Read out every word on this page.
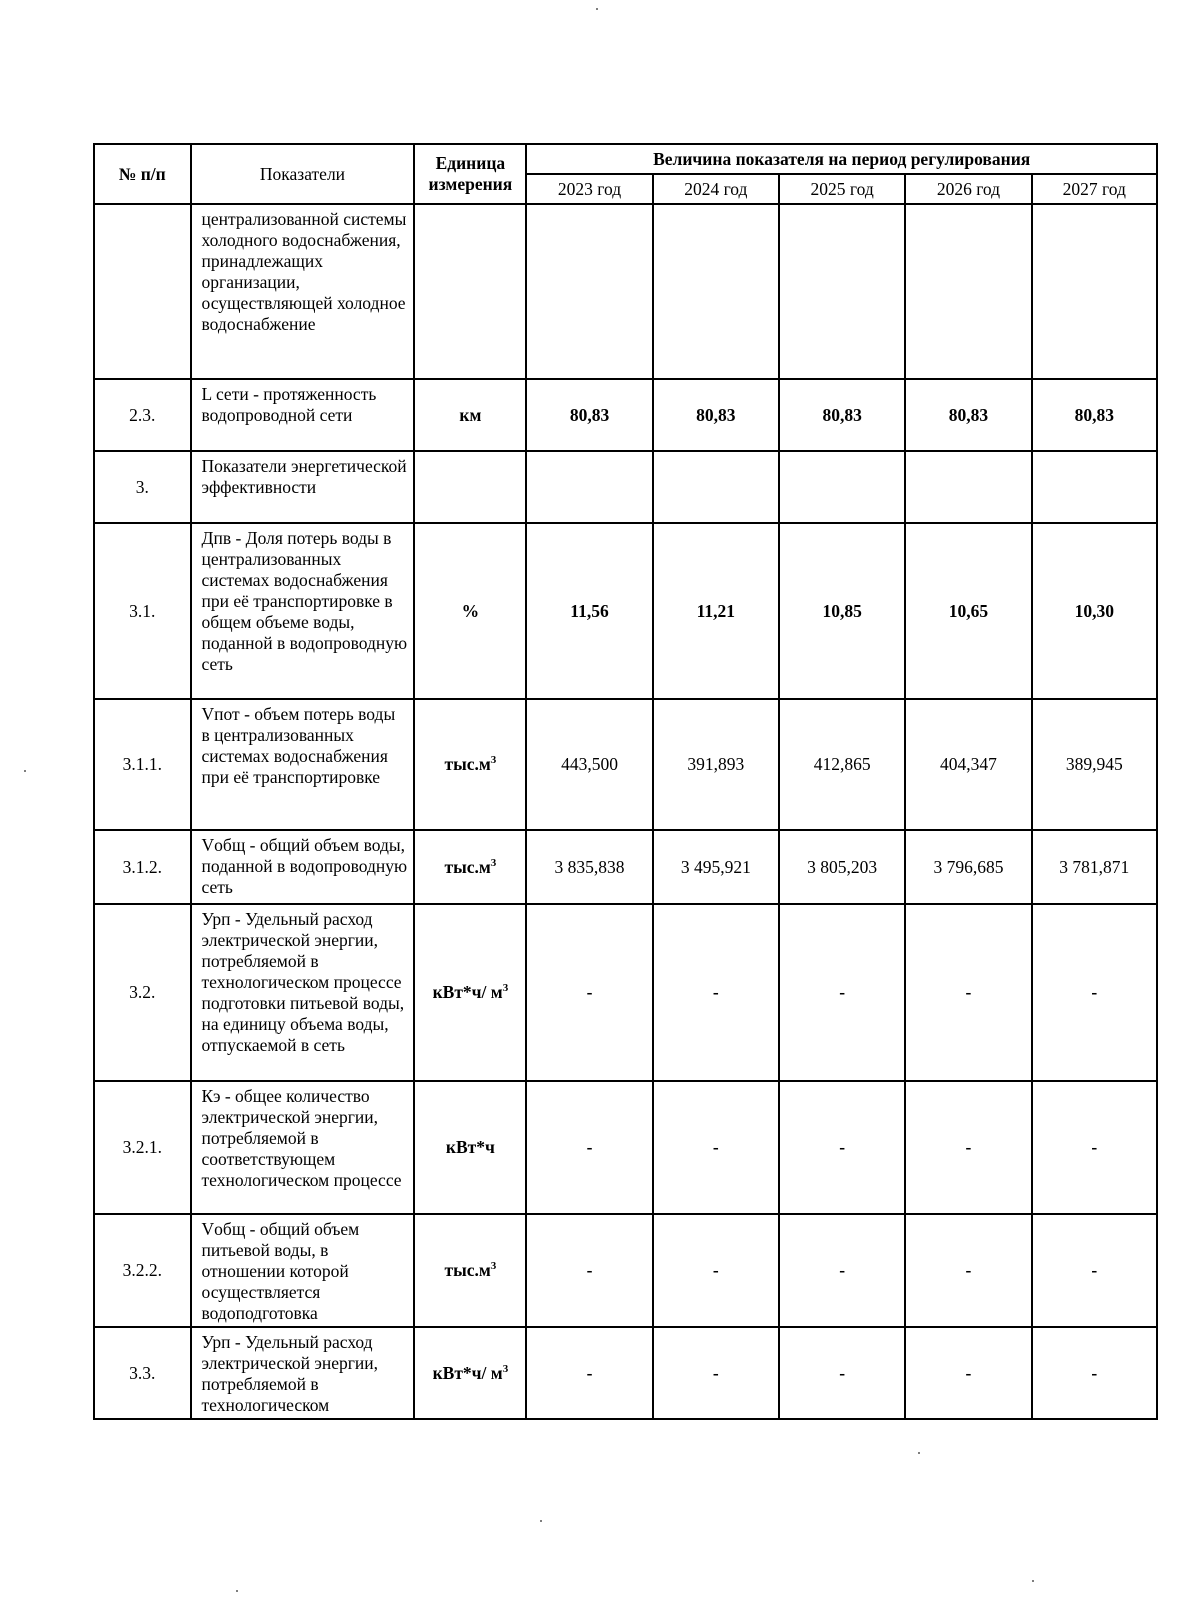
№ п/п	Показатели	Единица измерения	Величина показателя на период регулирования				
			2023 год	2024 год	2025 год	2026 год	2027 год
	централизованной системы холодного водоснабжения, принадлежащих организации, осуществляющей холодное водоснабжение						
2.3.	L сети - протяженность водопроводной сети	км	80,83	80,83	80,83	80,83	80,83
3.	Показатели энергетической эффективности						
3.1.	Дпв - Доля потерь воды в централизованных системах водоснабжения при её транспортировке в общем объеме воды, поданной в водопроводную сеть	%	11,56	11,21	10,85	10,65	10,30
3.1.1.	Vпот - объем потерь воды в централизованных системах водоснабжения при её транспортировке	$тыс.м^3$	443,500	391,893	412,865	404,347	389,945
3.1.2.	Vобщ - общий объем воды, поданной в водопроводную сеть	$тыс.м^3$	3 835,838	3 495,921	3 805,203	3 796,685	3 781,871
3.2.	Урп - Удельный расход электрической энергии, потребляемой в технологическом процессе подготовки питьевой воды, на единицу объема воды, отпускаемой в сеть	кВт*ч/ $м^3$	-	-	-	-	-
3.2.1.	Кэ - общее количество электрической энергии, потребляемой в соответствующем технологическом процессе	кВт*ч	-	-	-	-	-
3.2.2.	Vобщ - общий объем питьевой воды, в отношении которой осуществляется водоподготовка	$тыс.м^3$	-	-	-	-	-
3.3.	Урп - Удельный расход электрической энергии, потребляемой в технологическом	кВт*ч/ $м^3$	-	-	-	-	-
